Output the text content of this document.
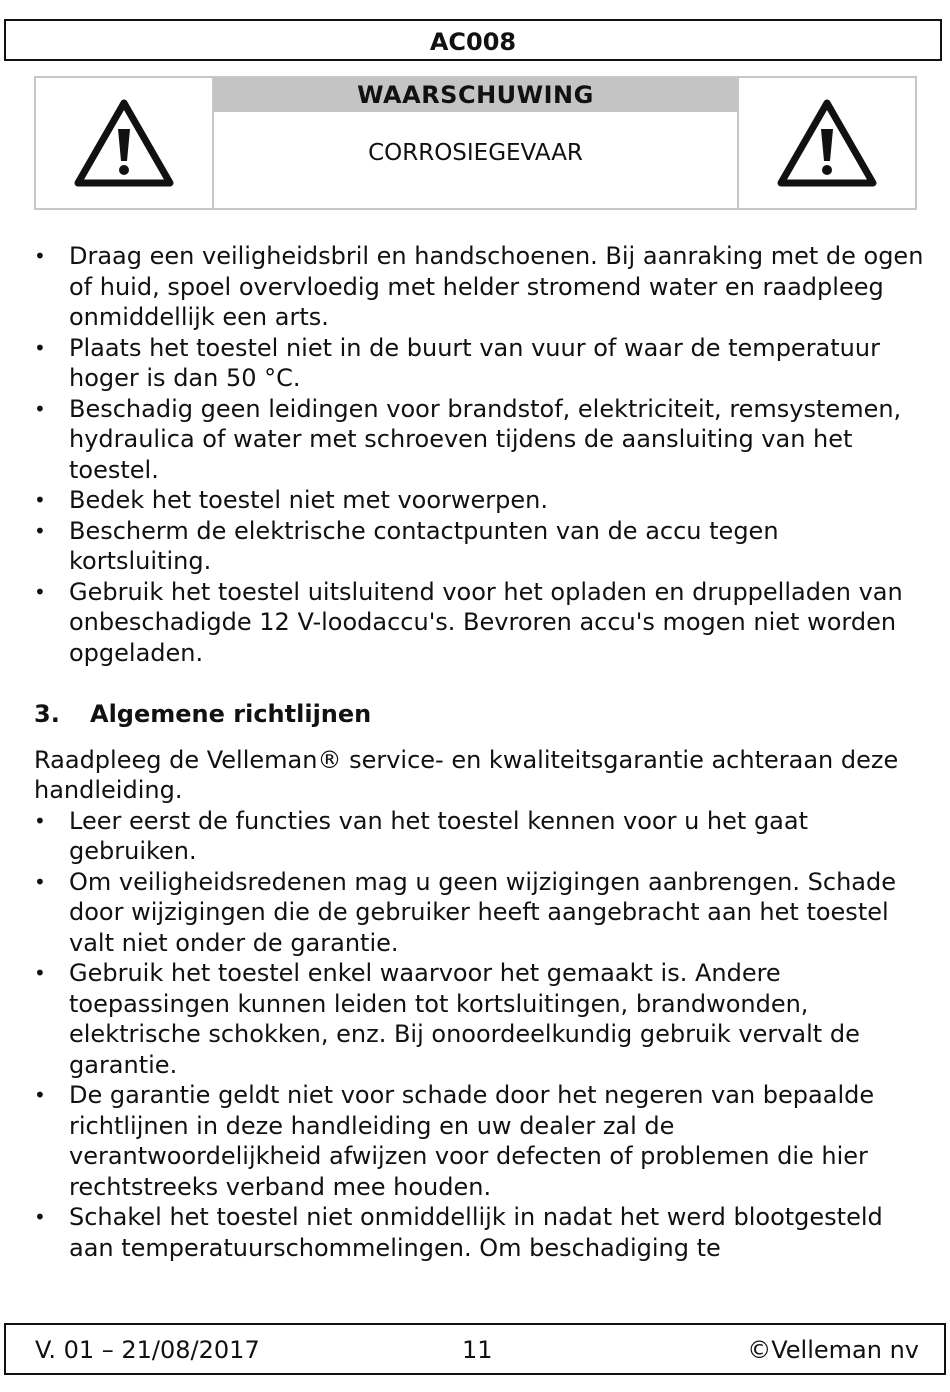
AC008
WAARSCHUWING
CORROSIEGEVAAR
• Draag een veiligheidsbril en handschoenen. Bij aanraking met de ogen of huid, spoel overvloedig met helder stromend water en raadpleeg onmiddellijk een arts.
• Plaats het toestel niet in de buurt van vuur of waar de temperatuur hoger is dan 50 °C.
• Beschadig geen leidingen voor brandstof, elektriciteit, remsystemen, hydraulica of water met schroeven tijdens de aansluiting van het toestel.
• Bedek het toestel niet met voorwerpen.
• Bescherm de elektrische contactpunten van de accu tegen kortsluiting.
• Gebruik het toestel uitsluitend voor het opladen en druppelladen van onbeschadigde 12 V-loodaccu's. Bevroren accu's mogen niet worden opgeladen.
3.	Algemene richtlijnen
Raadpleeg de Velleman® service- en kwaliteitsgarantie achteraan deze handleiding.
• Leer eerst de functies van het toestel kennen voor u het gaat gebruiken.
• Om veiligheidsredenen mag u geen wijzigingen aanbrengen. Schade door wijzigingen die de gebruiker heeft aangebracht aan het toestel valt niet onder de garantie.
• Gebruik het toestel enkel waarvoor het gemaakt is. Andere toepassingen kunnen leiden tot kortsluitingen, brandwonden, elektrische schokken, enz. Bij onoordeelkundig gebruik vervalt de garantie.
• De garantie geldt niet voor schade door het negeren van bepaalde richtlijnen in deze handleiding en uw dealer zal de verantwoordelijkheid afwijzen voor defecten of problemen die hier rechtstreeks verband mee houden.
• Schakel het toestel niet onmiddellijk in nadat het werd blootgesteld aan temperatuurschommelingen. Om beschadiging te
V. 01 – 21/08/2017	11	©Velleman nv
